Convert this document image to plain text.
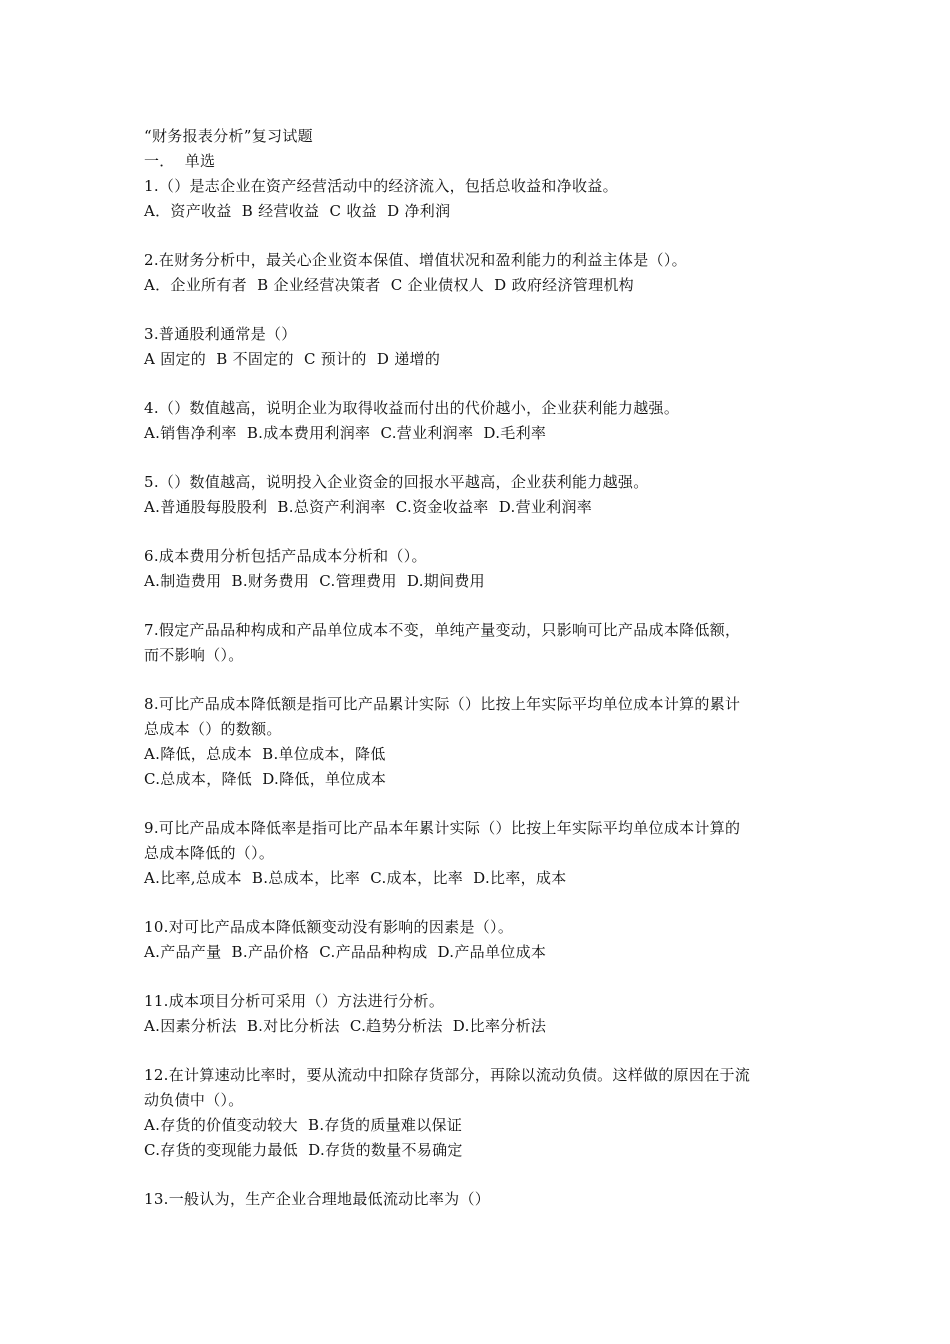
“财务报表分析”复习试题
一．  单选
1.（）是志企业在资产经营活动中的经济流入，包括总收益和净收益。
A．资产收益  B 经营收益  C 收益  D 净利润
2.在财务分析中，最关心企业资本保值、增值状况和盈利能力的利益主体是（）。
A．企业所有者  B 企业经营决策者  C 企业债权人  D 政府经济管理机构
3.普通股利通常是（）
A 固定的  B 不固定的  C 预计的  D 递增的
4.（）数值越高，说明企业为取得收益而付出的代价越小，企业获利能力越强。
A.销售净利率  B.成本费用利润率  C.营业利润率  D.毛利率
5.（）数值越高，说明投入企业资金的回报水平越高，企业获利能力越强。
A.普通股每股股利  B.总资产利润率  C.资金收益率  D.营业利润率
6.成本费用分析包括产品成本分析和（）。
A.制造费用  B.财务费用  C.管理费用  D.期间费用
7.假定产品品种构成和产品单位成本不变，单纯产量变动，只影响可比产品成本降低额，
而不影响（）。
8.可比产品成本降低额是指可比产品累计实际（）比按上年实际平均单位成本计算的累计
总成本（）的数额。
A.降低，总成本  B.单位成本，降低
C.总成本，降低  D.降低，单位成本
9.可比产品成本降低率是指可比产品本年累计实际（）比按上年实际平均单位成本计算的
总成本降低的（）。
A.比率,总成本  B.总成本，比率  C.成本，比率  D.比率，成本
10.对可比产品成本降低额变动没有影响的因素是（）。
A.产品产量  B.产品价格  C.产品品种构成  D.产品单位成本
11.成本项目分析可采用（）方法进行分析。
A.因素分析法  B.对比分析法  C.趋势分析法  D.比率分析法
12.在计算速动比率时，要从流动中扣除存货部分，再除以流动负债。这样做的原因在于流
动负债中（）。
A.存货的价值变动较大  B.存货的质量难以保证
C.存货的变现能力最低  D.存货的数量不易确定
13.一般认为，生产企业合理地最低流动比率为（）
